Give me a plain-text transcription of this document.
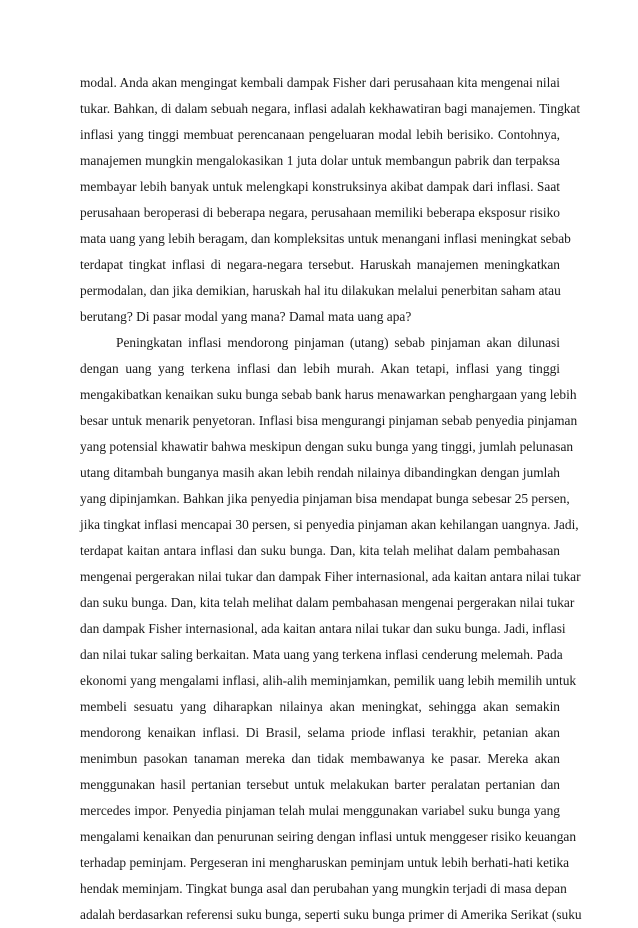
modal. Anda akan mengingat kembali dampak Fisher dari perusahaan kita mengenai nilai
tukar. Bahkan, di dalam sebuah negara, inflasi adalah kekhawatiran bagi manajemen. Tingkat
inflasi yang tinggi membuat perencanaan pengeluaran modal lebih berisiko. Contohnya,
manajemen mungkin mengalokasikan 1 juta dolar untuk membangun pabrik dan terpaksa
membayar lebih banyak untuk melengkapi konstruksinya akibat dampak dari inflasi. Saat
perusahaan beroperasi di beberapa negara, perusahaan memiliki beberapa eksposur risiko
mata uang yang lebih beragam, dan kompleksitas untuk menangani inflasi meningkat sebab
terdapat tingkat inflasi di negara-negara tersebut. Haruskah manajemen meningkatkan
permodalan, dan jika demikian, haruskah hal itu dilakukan melalui penerbitan saham atau
berutang? Di pasar modal yang mana? Damal mata uang apa?
Peningkatan inflasi mendorong pinjaman (utang) sebab pinjaman akan dilunasi
dengan uang yang terkena inflasi dan lebih murah. Akan tetapi, inflasi yang tinggi
mengakibatkan kenaikan suku bunga sebab bank harus menawarkan penghargaan yang lebih
besar untuk menarik penyetoran. Inflasi bisa mengurangi pinjaman sebab penyedia pinjaman
yang potensial khawatir bahwa meskipun dengan suku bunga yang tinggi, jumlah pelunasan
utang ditambah bunganya masih akan lebih rendah nilainya dibandingkan dengan jumlah
yang dipinjamkan. Bahkan jika penyedia pinjaman bisa mendapat bunga sebesar 25 persen,
jika tingkat inflasi mencapai 30 persen, si penyedia pinjaman akan kehilangan uangnya. Jadi,
terdapat kaitan antara inflasi dan suku bunga. Dan, kita telah melihat dalam pembahasan
mengenai pergerakan nilai tukar dan dampak Fiher internasional, ada kaitan antara nilai tukar
dan suku bunga. Dan, kita telah melihat dalam pembahasan mengenai pergerakan nilai tukar
dan dampak Fisher internasional, ada kaitan antara nilai tukar dan suku bunga. Jadi, inflasi
dan nilai tukar saling berkaitan. Mata uang yang terkena inflasi cenderung melemah. Pada
ekonomi yang mengalami inflasi, alih-alih meminjamkan, pemilik uang lebih memilih untuk
membeli sesuatu yang diharapkan nilainya akan meningkat, sehingga akan semakin
mendorong kenaikan inflasi. Di Brasil, selama priode inflasi terakhir, petanian akan
menimbun pasokan tanaman mereka dan tidak membawanya ke pasar. Mereka akan
menggunakan hasil pertanian tersebut untuk melakukan barter peralatan pertanian dan
mercedes impor. Penyedia pinjaman telah mulai menggunakan variabel suku bunga yang
mengalami kenaikan dan penurunan seiring dengan inflasi untuk menggeser risiko keuangan
terhadap peminjam. Pergeseran ini mengharuskan peminjam untuk lebih berhati-hati ketika
hendak meminjam. Tingkat bunga asal dan perubahan yang mungkin terjadi di masa depan
adalah berdasarkan referensi suku bunga, seperti suku bunga primer di Amerika Serikat (suku
